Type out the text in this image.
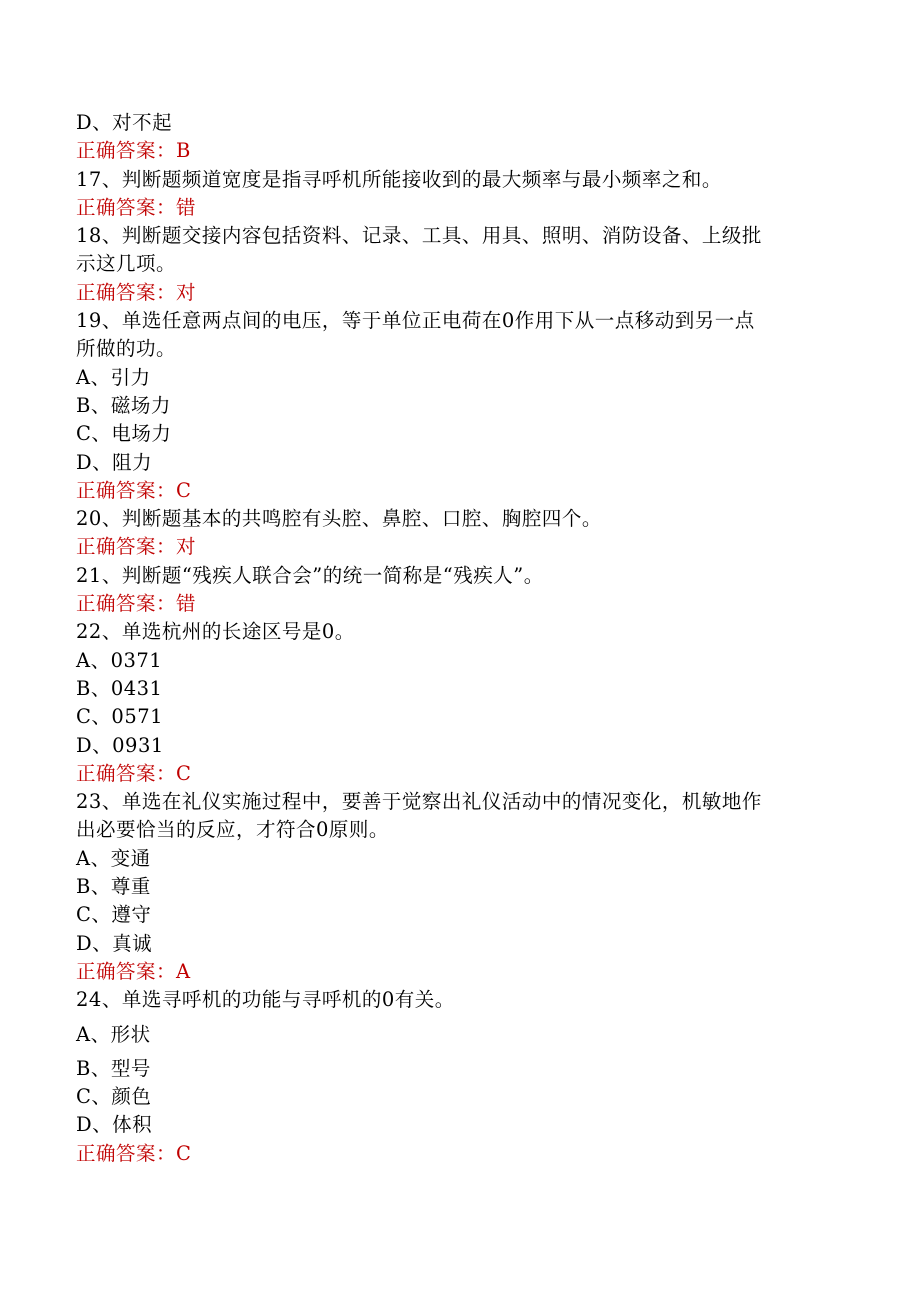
D、对不起

正确答案：B

17、判断题频道宽度是指寻呼机所能接收到的最大频率与最小频率之和。

正确答案：错

18、判断题交接内容包括资料、记录、工具、用具、照明、消防设备、上级批

示这几项。

正确答案：对

19、单选任意两点间的电压，等于单位正电荷在0作用下从一点移动到另一点

所做的功。

A、引力

B、磁场力

C、电场力

D、阻力

正确答案：C

20、判断题基本的共鸣腔有头腔、鼻腔、口腔、胸腔四个。

正确答案：对

21、判断题“残疾人联合会”的统一简称是“残疾人”。

正确答案：错

22、单选杭州的长途区号是0。

A、0371

B、0431

C、0571

D、0931

正确答案：C

23、单选在礼仪实施过程中，要善于觉察出礼仪活动中的情况变化，机敏地作

出必要恰当的反应，才符合0原则。

A、变通

B、尊重

C、遵守

D、真诚

正确答案：A

24、单选寻呼机的功能与寻呼机的0有关。

A、形状

B、型号

C、颜色

D、体积

正确答案：C
